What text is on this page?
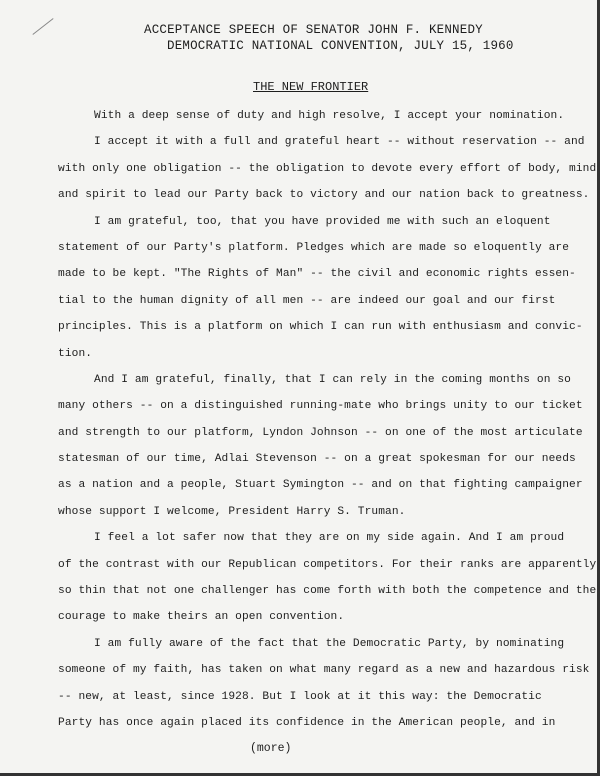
ACCEPTANCE SPEECH OF SENATOR JOHN F. KENNEDY
DEMOCRATIC NATIONAL CONVENTION, JULY 15, 1960
THE NEW FRONTIER
With a deep sense of duty and high resolve, I accept your nomination.
I accept it with a full and grateful heart -- without reservation -- and
with only one obligation -- the obligation to devote every effort of body, mind
and spirit to lead our Party back to victory and our nation back to greatness.
I am grateful, too, that you have provided me with such an eloquent
statement of our Party's platform. Pledges which are made so eloquently are
made to be kept. "The Rights of Man" -- the civil and economic rights essen-
tial to the human dignity of all men -- are indeed our goal and our first
principles. This is a platform on which I can run with enthusiasm and convic-
tion.
And I am grateful, finally, that I can rely in the coming months on so
many others -- on a distinguished running-mate who brings unity to our ticket
and strength to our platform, Lyndon Johnson -- on one of the most articulate
statesman of our time, Adlai Stevenson -- on a great spokesman for our needs
as a nation and a people, Stuart Symington -- and on that fighting campaigner
whose support I welcome, President Harry S. Truman.
I feel a lot safer now that they are on my side again. And I am proud
of the contrast with our Republican competitors. For their ranks are apparently
so thin that not one challenger has come forth with both the competence and the
courage to make theirs an open convention.
I am fully aware of the fact that the Democratic Party, by nominating
someone of my faith, has taken on what many regard as a new and hazardous risk
-- new, at least, since 1928. But I look at it this way: the Democratic
Party has once again placed its confidence in the American people, and in
(more)
